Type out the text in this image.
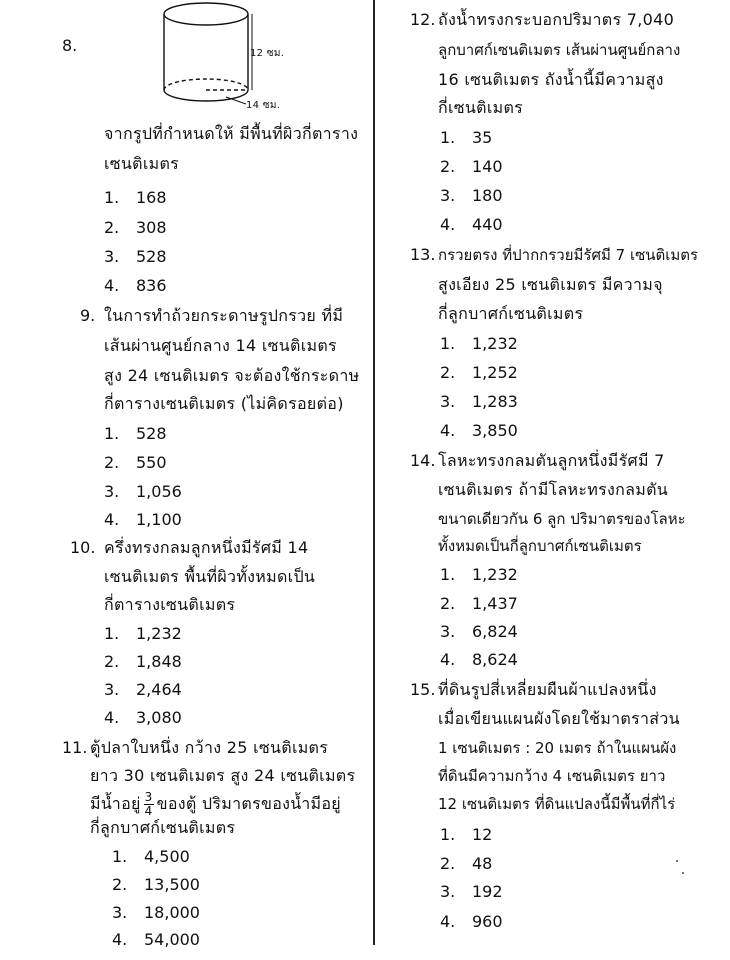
8.	12 ซม.
14 ซม.
จากรูปที่กำหนดให้ มีพื้นที่ผิวกี่ตาราง
เซนติเมตร
1. 168
2. 308
3. 528
4. 836
9. ในการทำถ้วยกระดาษรูปกรวย ที่มี
เส้นผ่านศูนย์กลาง 14 เซนติเมตร
สูง 24 เซนติเมตร จะต้องใช้กระดาษ
กี่ตารางเซนติเมตร (ไม่คิดรอยต่อ)
1. 528
2. 550
3. 1,056
4. 1,100
10. ครึ่งทรงกลมลูกหนึ่งมีรัศมี 14
เซนติเมตร พื้นที่ผิวทั้งหมดเป็น
กี่ตารางเซนติเมตร
1. 1,232
2. 1,848
3. 2,464
4. 3,080
11. ตู้ปลาใบหนึ่ง กว้าง 25 เซนติเมตร
ยาว 30 เซนติเมตร สูง 24 เซนติเมตร
มีน้ำอยู่ $\frac{3}{4}$ ของตู้ ปริมาตรของน้ำมีอยู่
กี่ลูกบาศก์เซนติเมตร
1. 4,500
2. 13,500
3. 18,000
4. 54,000
12. ถังน้ำทรงกระบอกปริมาตร 7,040
ลูกบาศก์เซนติเมตร เส้นผ่านศูนย์กลาง
16 เซนติเมตร ถังน้ำนี้มีความสูง
กี่เซนติเมตร
1. 35
2. 140
3. 180
4. 440
13. กรวยตรง ที่ปากกรวยมีรัศมี 7 เซนติเมตร
สูงเอียง 25 เซนติเมตร มีความจุ
กี่ลูกบาศก์เซนติเมตร
1. 1,232
2. 1,252
3. 1,283
4. 3,850
14. โลหะทรงกลมตันลูกหนึ่งมีรัศมี 7
เซนติเมตร ถ้ามีโลหะทรงกลมตัน
ขนาดเดียวกัน 6 ลูก ปริมาตรของโลหะ
ทั้งหมดเป็นกี่ลูกบาศก์เซนติเมตร
1. 1,232
2. 1,437
3. 6,824
4. 8,624
15. ที่ดินรูปสี่เหลี่ยมผืนผ้าแปลงหนึ่ง
เมื่อเขียนแผนผังโดยใช้มาตราส่วน
1 เซนติเมตร : 20 เมตร ถ้าในแผนผัง
ที่ดินมีความกว้าง 4 เซนติเมตร ยาว
12 เซนติเมตร ที่ดินแปลงนี้มีพื้นที่กี่ไร่
1. 12
2. 48
3. 192
4. 960
